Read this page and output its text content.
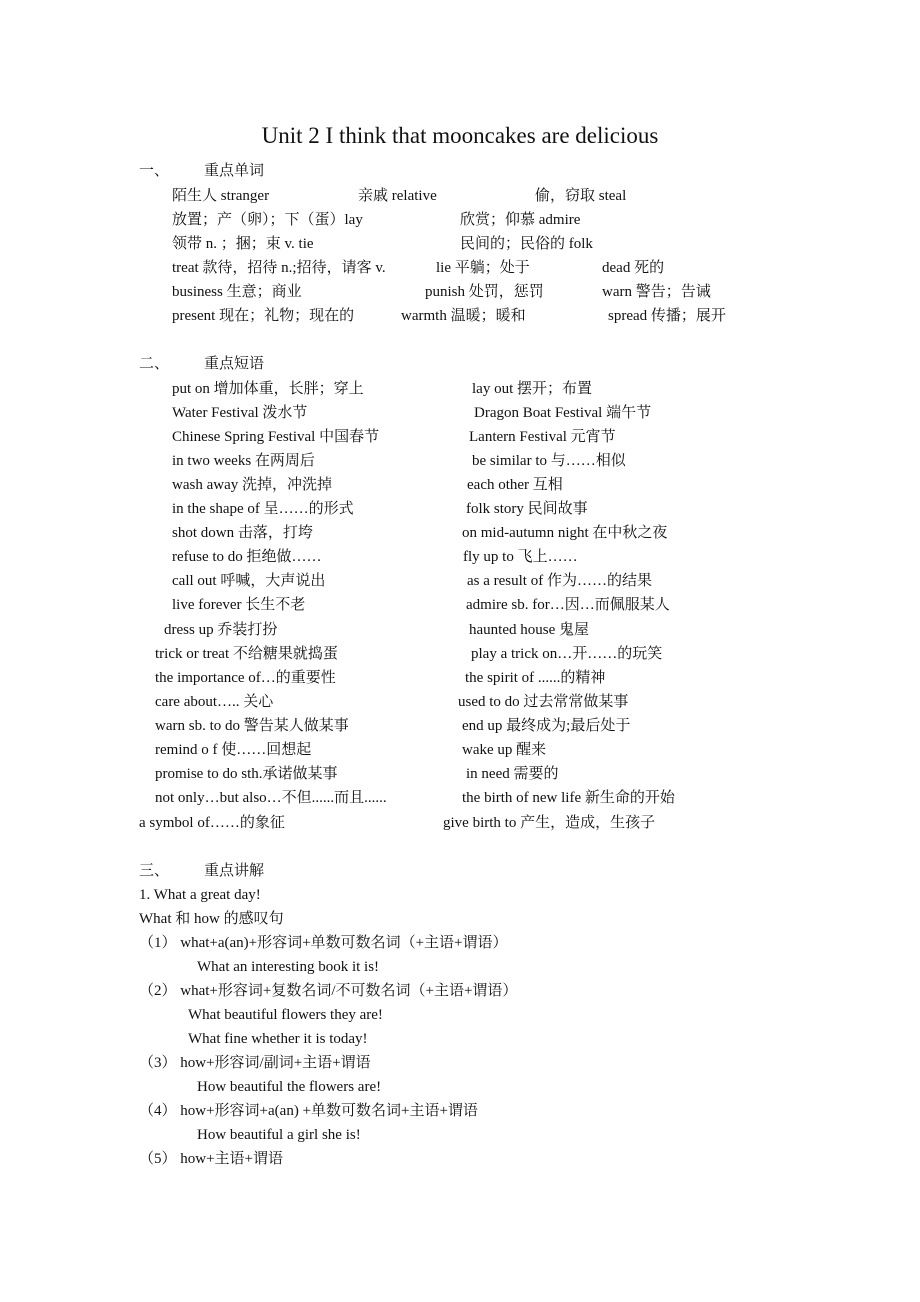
Unit 2 I think that mooncakes are delicious
一、 重点单词
陌生人 stranger	亲戚 relative	偷，窃取 steal
放置；产（卵）；下（蛋）lay	欣赏；仰慕 admire
领带 n. ；捆；束 v. tie	民间的；民俗的 folk
treat 款待，招待 n.;招待，请客 v.	lie 平躺；处于	dead 死的
business 生意；商业	punish 处罚，惩罚	warn 警告；告诫
present 现在；礼物；现在的	warmth 温暖；暖和	spread 传播；展开
二、 重点短语
put on 增加体重，长胖；穿上	lay out 摆开；布置
Water Festival 泼水节	Dragon Boat Festival 端午节
Chinese Spring Festival 中国春节	Lantern Festival 元宵节
in two weeks 在两周后	be similar to 与……相似
wash away 洗掉，冲洗掉	each other 互相
in the shape of 呈……的形式	folk story 民间故事
shot down 击落，打垮	on mid-autumn night 在中秋之夜
refuse to do 拒绝做……	fly up to 飞上……
call out 呼喊，大声说出	as a result of 作为……的结果
live forever 长生不老	admire sb. for…因…而佩服某人
dress up 乔装打扮	haunted house 鬼屋
trick or treat 不给糖果就捣蛋	play a trick on…开……的玩笑
the importance of…的重要性	the spirit of ......的精神
care about….. 关心	used to do 过去常常做某事
warn sb. to do 警告某人做某事	end up 最终成为;最后处于
remind o f 使……回想起	wake up 醒来
promise to do sth.承诺做某事	in need 需要的
not only…but also…不但......而且......	the birth of new life 新生命的开始
a symbol of……的象征	give birth to 产生，造成，生孩子
三、 重点讲解
1. What a great day!
What 和 how 的感叹句
（1） what+a(an)+形容词+单数可数名词（+主语+谓语）
What an interesting book it is!
（2） what+形容词+复数名词/不可数名词（+主语+谓语）
What beautiful flowers they are!
What fine whether it is today!
（3） how+形容词/副词+主语+谓语
How beautiful the flowers are!
（4） how+形容词+a(an) +单数可数名词+主语+谓语
How beautiful a girl she is!
（5） how+主语+谓语
